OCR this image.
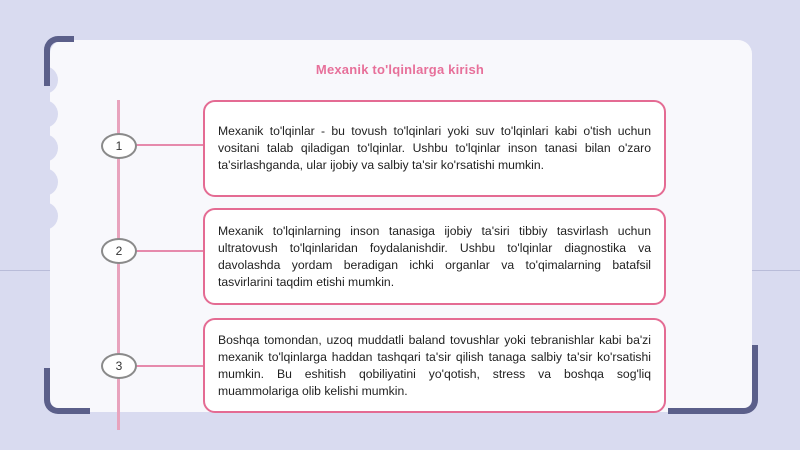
Mexanik to'lqinlarga kirish
1
Mexanik to'lqinlar - bu tovush to'lqinlari yoki suv to'lqinlari kabi o'tish uchun vositani talab qiladigan to'lqinlar. Ushbu to'lqinlar inson tanasi bilan o'zaro ta'sirlashganda, ular ijobiy va salbiy ta'sir ko'rsatishi mumkin.
2
Mexanik to'lqinlarning inson tanasiga ijobiy ta'siri tibbiy tasvirlash uchun ultratovush to'lqinlaridan foydalanishdir. Ushbu to'lqinlar diagnostika va davolashda yordam beradigan ichki organlar va to'qimalarning batafsil tasvirlarini taqdim etishi mumkin.
3
Boshqa tomondan, uzoq muddatli baland tovushlar yoki tebranishlar kabi ba'zi mexanik to'lqinlarga haddan tashqari ta'sir qilish tanaga salbiy ta'sir ko'rsatishi mumkin. Bu eshitish qobiliyatini yo'qotish, stress va boshqa sog'liq muammolariga olib kelishi mumkin.
